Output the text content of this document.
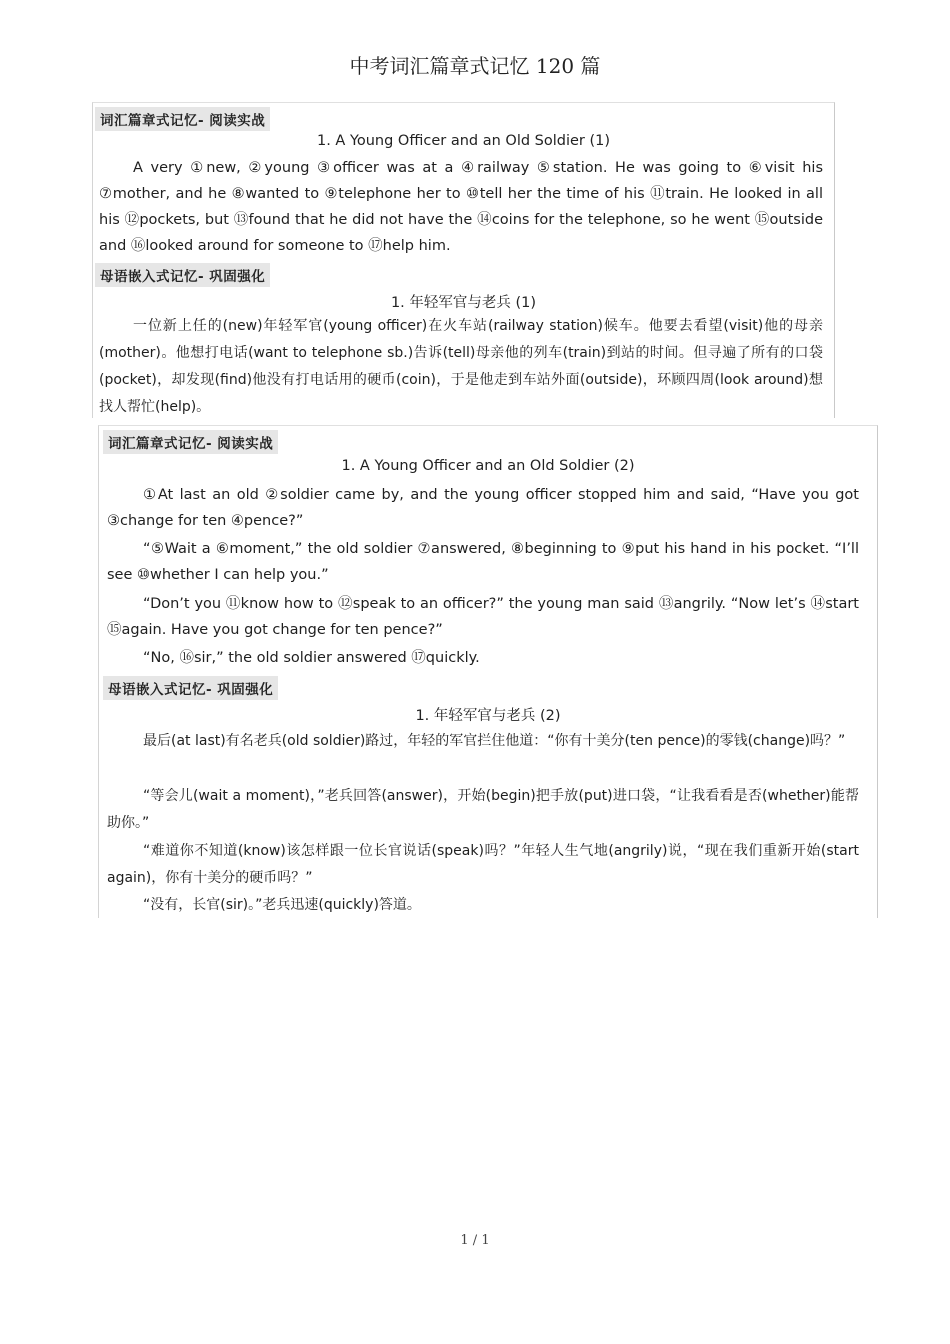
中考词汇篇章式记忆 120 篇
词汇篇章式记忆- 阅读实战
1. A Young Officer and an Old Soldier (1)
A very ①new, ②young ③officer was at a ④railway ⑤station. He was going to ⑥visit his ⑦mother, and he ⑧wanted to ⑨telephone her to ⑩tell her the time of his ⑪train. He looked in all his ⑫pockets, but ⑬found that he did not have the ⑭coins for the telephone, so he went ⑮outside and ⑯looked around for someone to ⑰help him.
母语嵌入式记忆- 巩固强化
1. 年轻军官与老兵 (1)
一位新上任的(new)年轻军官(young officer)在火车站(railway station)候车。他要去看望(visit)他的母亲(mother)。他想打电话(want to telephone sb.)告诉(tell)母亲他的列车(train)到站的时间。但寻遍了所有的口袋(pocket)，却发现(find)他没有打电话用的硬币(coin)，于是他走到车站外面(outside)，环顾四周(look around)想找人帮忙(help)。
词汇篇章式记忆- 阅读实战
1. A Young Officer and an Old Soldier (2)
①At last an old ②soldier came by, and the young officer stopped him and said, “Have you got ③change for ten ④pence?”
“⑤Wait a ⑥moment,” the old soldier ⑦answered, ⑧beginning to ⑨put his hand in his pocket. “I’ll see ⑩whether I can help you.”
“Don’t you ⑪know how to ⑫speak to an officer?” the young man said ⑬angrily. “Now let’s ⑭start ⑮again. Have you got change for ten pence?”
“No, ⑯sir,” the old soldier answered ⑰quickly.
母语嵌入式记忆- 巩固强化
1. 年轻军官与老兵 (2)
最后(at last)有名老兵(old soldier)路过，年轻的军官拦住他道：“你有十美分(ten pence)的零钱(change)吗？”
“等会儿(wait a moment)，”老兵回答(answer)，开始(begin)把手放(put)进口袋，“让我看看是否(whether)能帮助你。”
“难道你不知道(know)该怎样跟一位长官说话(speak)吗？”年轻人生气地(angrily)说，“现在我们重新开始(start again)，你有十美分的硬币吗？”
“没有，长官(sir)。”老兵迅速(quickly)答道。
1 / 1
